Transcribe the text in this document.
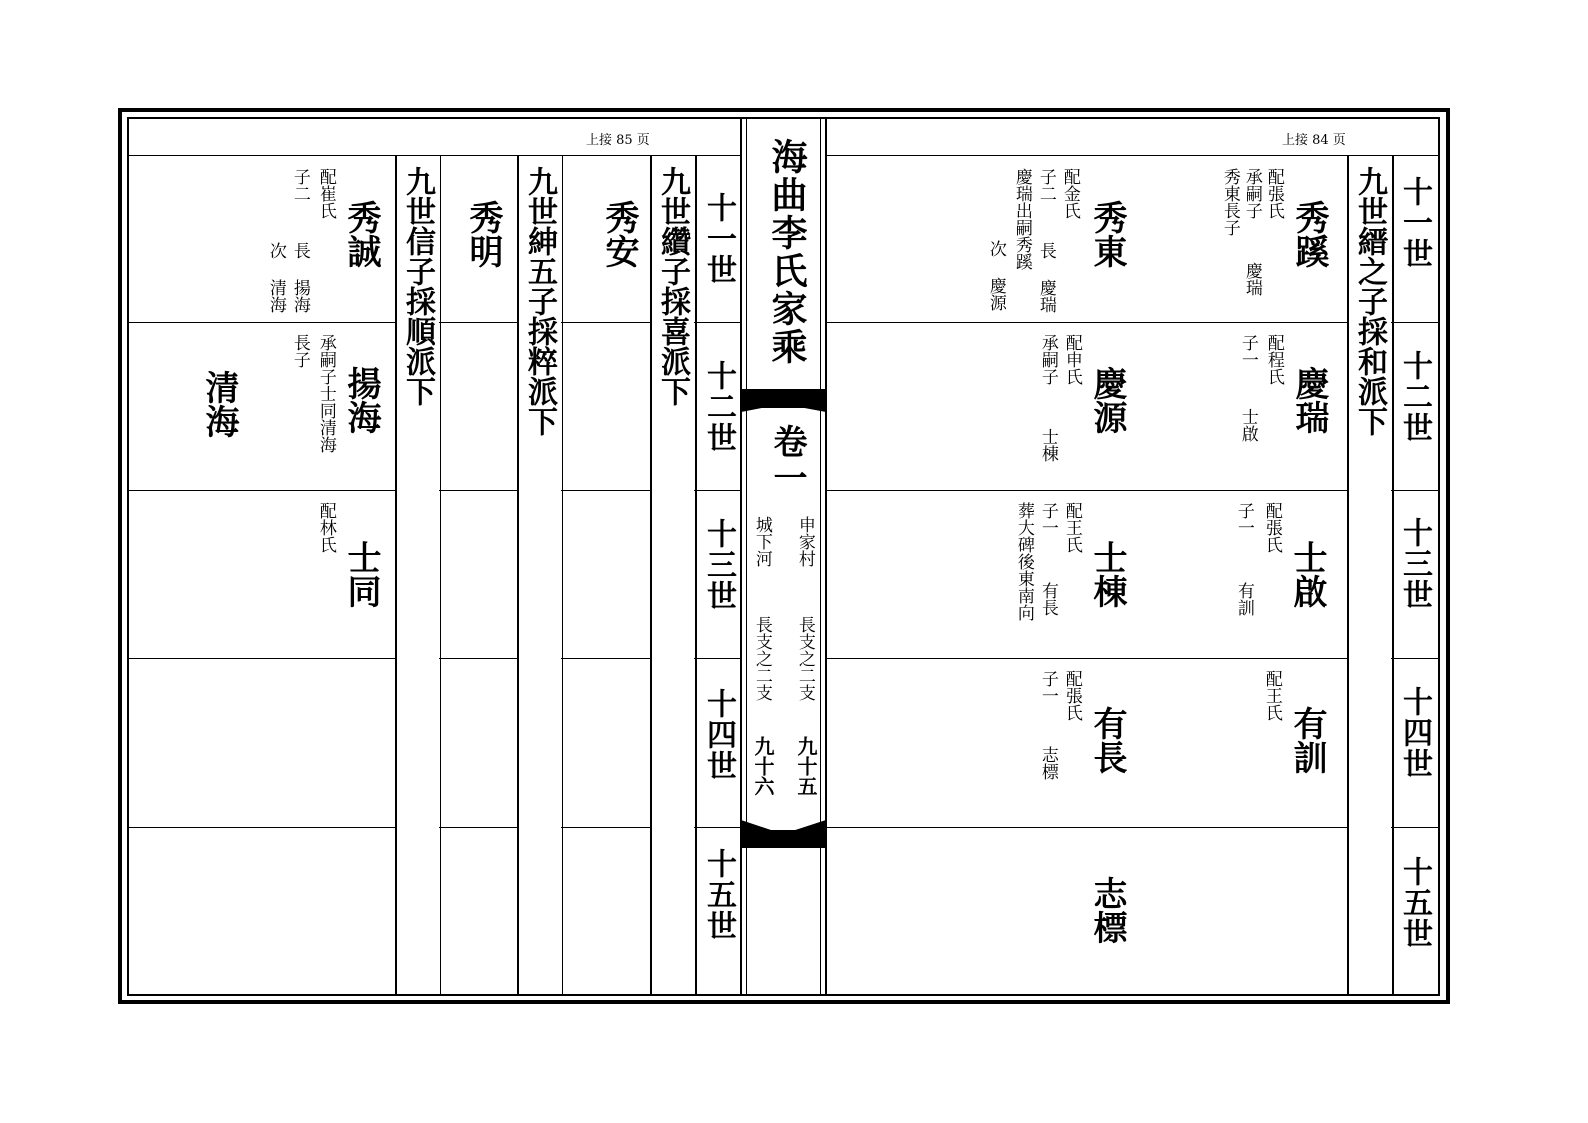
上接 85 页	上接 84 页
海曲李氏家乘
卷一
申家村
長支之二支
九十五
城下河
長支之二支
九十六
十一世
十二世
十三世
十四世
十五世
十一世
十二世
十三世
十四世
十五世
九世縉之子採和派下
秀蹊
配張氏
承嗣子
秀東長子
慶瑞
慶瑞
配程氏
子一
士啟
士啟
配張氏
子一
有訓
有訓
配王氏
秀東
配金氏
子二
長 慶瑞
慶瑞出嗣秀蹊
次 慶源
慶源
配申氏
承嗣子
士棟
士棟
配王氏
子一
有長
葬大碑後東南向
有長
配張氏
子一
志標
志標
九世纘子採喜派下
秀安
九世紳五子採粹派下
秀明
九世信子採順派下
秀誠
配崔氏
子二
長 揚海
次 清海
揚海
承嗣子士同清海
長子
士同
配林氏
清海
